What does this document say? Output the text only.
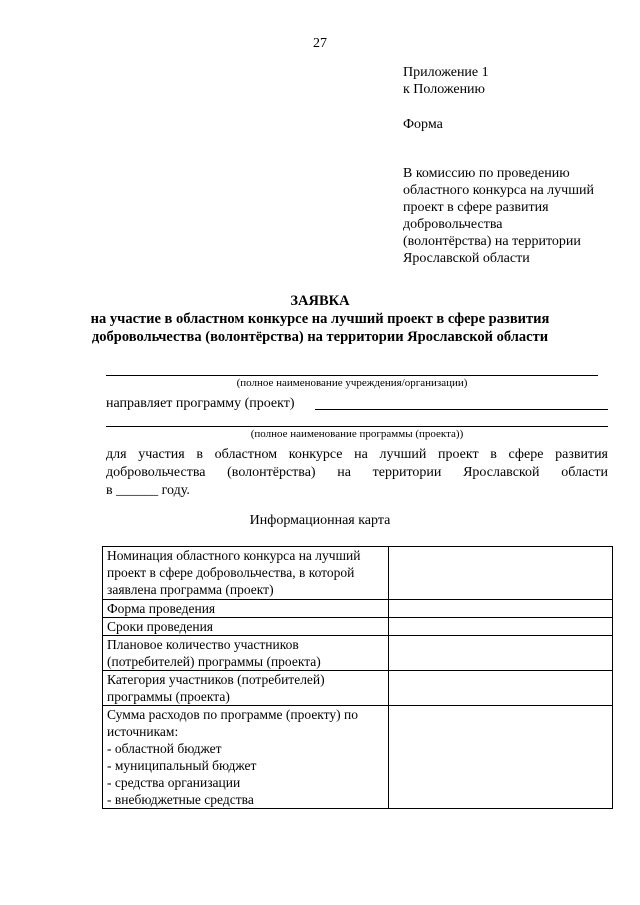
27
Приложение 1
к Положению
Форма
В комиссию по проведению
областного конкурса на лучший
проект в сфере развития
добровольчества
(волонтёрства) на территории
Ярославской области
ЗАЯВКА
на участие в областном конкурсе на лучший проект в сфере развития
добровольчества (волонтёрства) на территории Ярославской области
(полное наименование учреждения/организации)
направляет программу (проект)
(полное наименование программы (проекта))
для участия в областном конкурсе на лучший проект в сфере развития
добровольчества (волонтёрства) на территории Ярославской области
в ______ году.
Информационная карта
Номинация областного конкурса на лучший проект в сфере добровольчества, в которой заявлена программа (проект)	
Форма проведения	
Сроки проведения	
Плановое количество участников (потребителей) программы (проекта)	
Категория участников (потребителей) программы (проекта)	

Сумма расходов по программе (проекту) по источникам:
- областной бюджет
- муниципальный бюджет
- средства организации
- внебюджетные средства	
